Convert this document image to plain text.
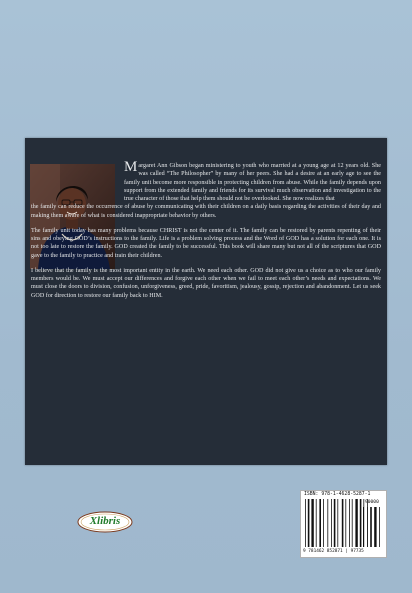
Margaret Ann Gibson began ministering to youth who married at a young age at 12 years old. She was called “The Philosopher” by many of her peers. She had a desire at an early age to see the family unit become more responsible in protecting children from abuse. While the family depends upon support from the extended family and friends for its survival much observation and investigation to the true character of those that help them should not be overlooked. She now realizes that

the family can reduce the occurrence of abuse by communicating with their children on a daily basis regarding the activities of their day and making them aware of what is considered inappropriate behavior by others.

The family unit today has many problems because CHRIST is not the center of it. The family can be restored by parents repenting of their sins and obeying GOD’s instructions to the family. Life is a problem solving process and the Word of GOD has a solution for each one. It is not too late to restore the family. GOD created the family to be successful. This book will share many but not all of the scriptures that GOD gave to the family to practice and train their children.

I believe that the family is the most important entity in the earth. We need each other. GOD did not give us a choice as to who our family members would be. We must accept our differences and forgive each other when we fail to meet each other’s needs and expectations. We must close the doors to division, confusion, unforgiveness, greed, pride, favoritism, jealousy, gossip, rejection and abandonment. Let us seek GOD for direction to restore our family back to HIM.

Xlibris
ISBN: 978-1-4628-5287-1
90000
9 781462 852871 | 97735
